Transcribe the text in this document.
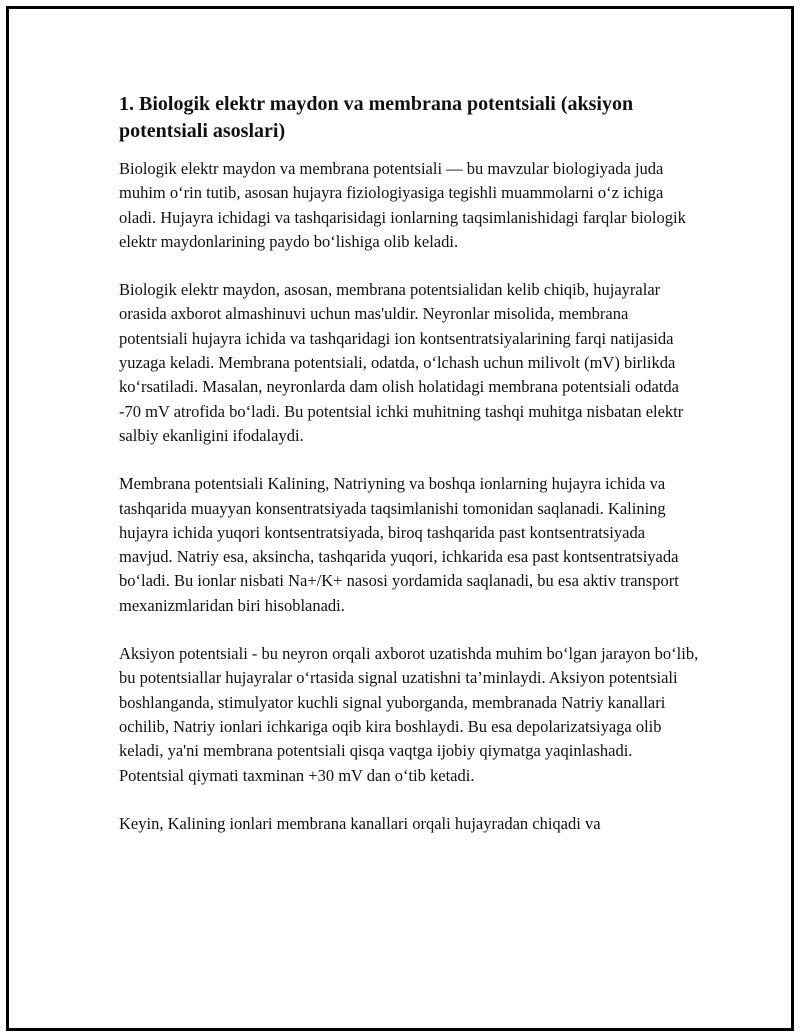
1. Biologik elektr maydon va membrana potentsiali (aksiyon potentsiali asoslari)

Biologik elektr maydon va membrana potentsiali — bu mavzular biologiyada juda muhim o‘rin tutib, asosan hujayra fiziologiyasiga tegishli muammolarni o‘z ichiga oladi. Hujayra ichidagi va tashqarisidagi ionlarning taqsimlanishidagi farqlar biologik elektr maydonlarining paydo bo‘lishiga olib keladi.

Biologik elektr maydon, asosan, membrana potentsialidan kelib chiqib, hujayralar orasida axborot almashinuvi uchun mas'uldir. Neyronlar misolida, membrana potentsiali hujayra ichida va tashqaridagi ion kontsentratsiyalarining farqi natijasida yuzaga keladi. Membrana potentsiali, odatda, o‘lchash uchun milivolt (mV) birlikda ko‘rsatiladi. Masalan, neyronlarda dam olish holatidagi membrana potentsiali odatda -70 mV atrofida bo‘ladi. Bu potentsial ichki muhitning tashqi muhitga nisbatan elektr salbiy ekanligini ifodalaydi.

Membrana potentsiali Kalining, Natriyning va boshqa ionlarning hujayra ichida va tashqarida muayyan konsentratsiyada taqsimlanishi tomonidan saqlanadi. Kalining hujayra ichida yuqori kontsentratsiyada, biroq tashqarida past kontsentratsiyada mavjud. Natriy esa, aksincha, tashqarida yuqori, ichkarida esa past kontsentratsiyada bo‘ladi. Bu ionlar nisbati Na+/K+ nasosi yordamida saqlanadi, bu esa aktiv transport mexanizmlaridan biri hisoblanadi.

Aksiyon potentsiali - bu neyron orqali axborot uzatishda muhim bo‘lgan jarayon bo‘lib, bu potentsiallar hujayralar o‘rtasida signal uzatishni ta’minlaydi. Aksiyon potentsiali boshlanganda, stimulyator kuchli signal yuborganda, membranada Natriy kanallari ochilib, Natriy ionlari ichkariga oqib kira boshlaydi. Bu esa depolarizatsiyaga olib keladi, ya'ni membrana potentsiali qisqa vaqtga ijobiy qiymatga yaqinlashadi. Potentsial qiymati taxminan +30 mV dan o‘tib ketadi.

Keyin, Kalining ionlari membrana kanallari orqali hujayradan chiqadi va
